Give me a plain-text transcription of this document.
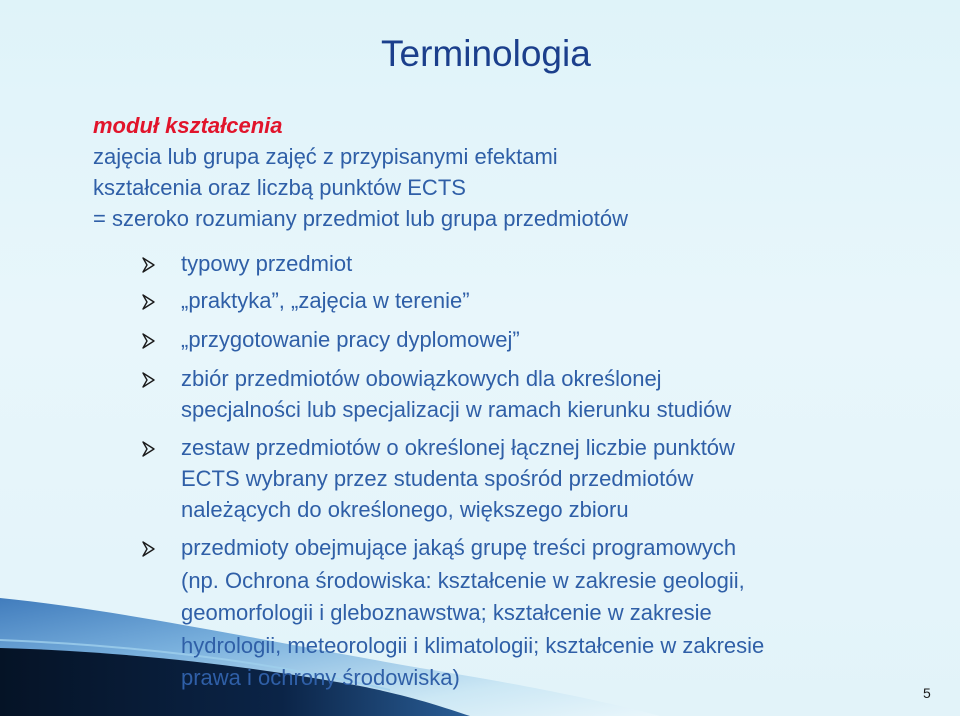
Terminologia
moduł kształcenia
zajęcia lub grupa zajęć z przypisanymi efektami
kształcenia oraz liczbą punktów ECTS
= szeroko rozumiany przedmiot lub grupa przedmiotów
typowy przedmiot
„praktyka”, „zajęcia w terenie”
„przygotowanie pracy dyplomowej”
zbiór przedmiotów obowiązkowych dla określonej
specjalności lub specjalizacji w ramach kierunku studiów
zestaw przedmiotów o określonej łącznej liczbie punktów
ECTS wybrany przez studenta spośród przedmiotów
należących do określonego, większego zbioru
przedmioty obejmujące jakąś grupę treści programowych
(np. Ochrona środowiska: kształcenie w zakresie geologii,
geomorfologii i gleboznawstwa; kształcenie w zakresie
hydrologii, meteorologii i klimatologii; kształcenie w zakresie
prawa i ochrony środowiska)
5
